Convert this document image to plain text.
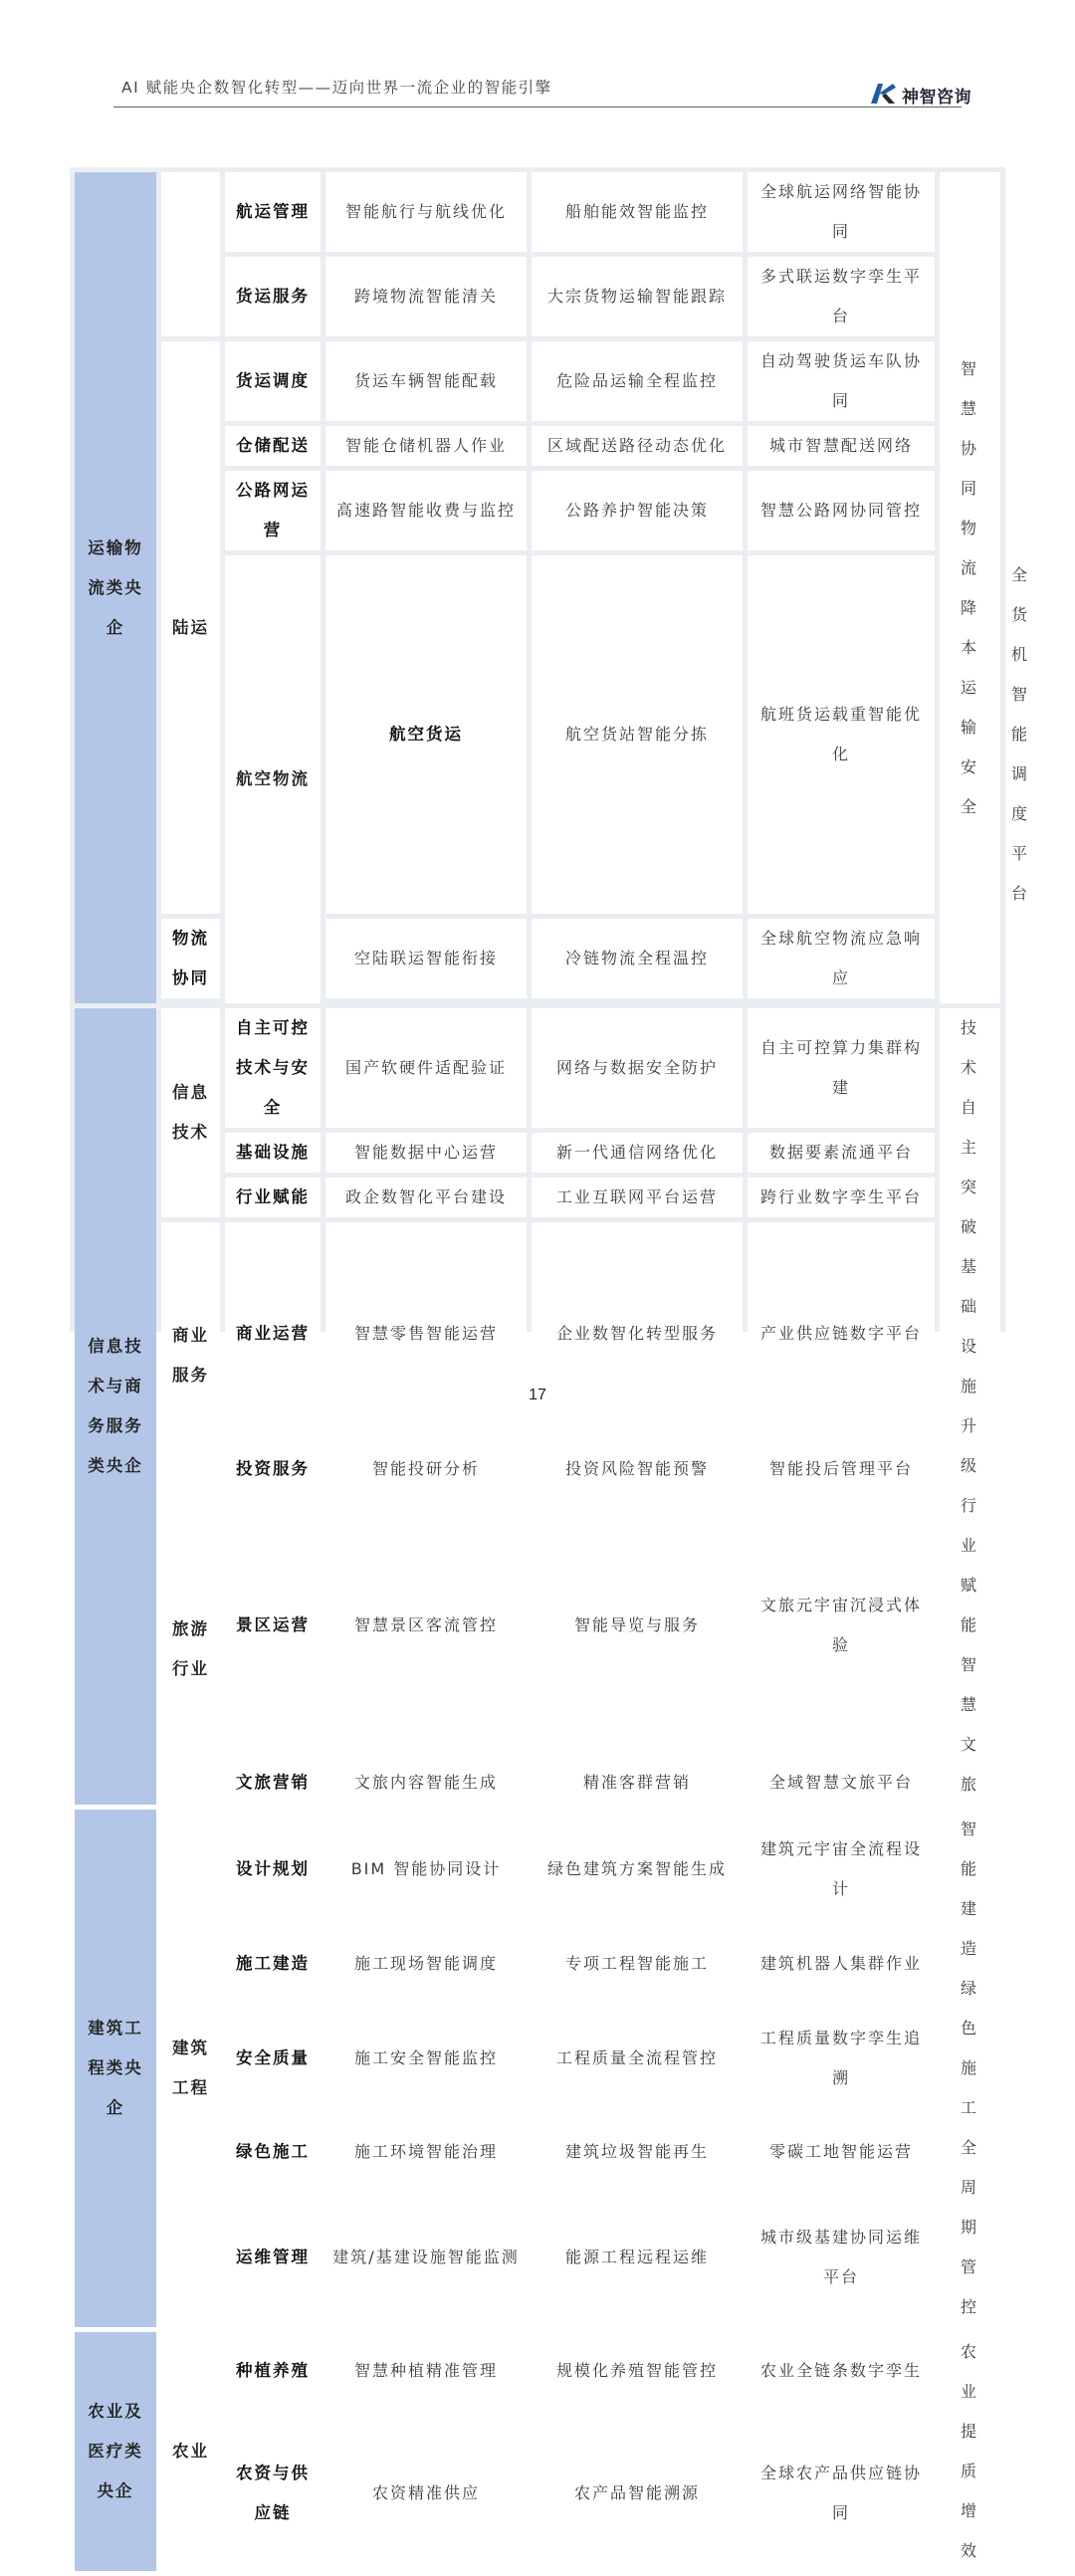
AI 赋能央企数智化转型——迈向世界一流企业的智能引擎	神智咨询
运输物流类央企		航运管理	智能航行与航线优化	船舶能效智能监控	全球航运网络智能协同	智慧协同物流降本运输安全	
		货运服务	跨境物流智能清关	大宗货物运输智能跟踪	多式联运数字孪生平台		
	陆运	货运调度	货运车辆智能配载	危险品运输全程监控	自动驾驶货运车队协同		
		仓储配送	智能仓储机器人作业	区域配送路径动态优化	城市智慧配送网络		
		公路网运营	高速路智能收费与监控	公路养护智能决策	智慧公路网协同管控		
		航空物流	航空货运	航空货站智能分拣	航班货运载重智能优化		全货机智能调度平台
	物流协同		空陆联运智能衔接	冷链物流全程温控	全球航空物流应急响应		

信息技术与商务服务类央企	信息技术	自主可控技术与安全	国产软硬件适配验证	网络与数据安全防护	自主可控算力集群构建	技术自主突破基础设施升级行业赋能智慧文旅	
		基础设施	智能数据中心运营	新一代通信网络优化	数据要素流通平台		
		行业赋能	政企数智化平台建设	工业互联网平台运营	跨行业数字孪生平台		
	商业服务	商业运营	智慧零售智能运营	企业数智化转型服务	产业供应链数字平台		
		投资服务	智能投研分析	投资风险智能预警	智能投后管理平台		
	旅游行业	景区运营	智慧景区客流管控	智能导览与服务	文旅元宇宙沉浸式体验		
		文旅营销	文旅内容智能生成	精准客群营销	全域智慧文旅平台		
建筑工程类央企	建筑工程	设计规划	BIM 智能协同设计	绿色建筑方案智能生成	建筑元宇宙全流程设计	智能建造绿色施工全周期管控	
		施工建造	施工现场智能调度	专项工程智能施工	建筑机器人集群作业		
		安全质量	施工安全智能监控	工程质量全流程管控	工程质量数字孪生追溯		
		绿色施工	施工环境智能治理	建筑垃圾智能再生	零碳工地智能运营		
		运维管理	建筑/基建设施智能监测	能源工程远程运维	城市级基建协同运维平台		
农业及医疗类央企	农业	种植养殖	智慧种植精准管理	规模化养殖智能管控	农业全链条数字孪生	农业提质增效	
		农资与供应链	农资精准供应	农产品智能溯源	全球农产品供应链协同		
17
